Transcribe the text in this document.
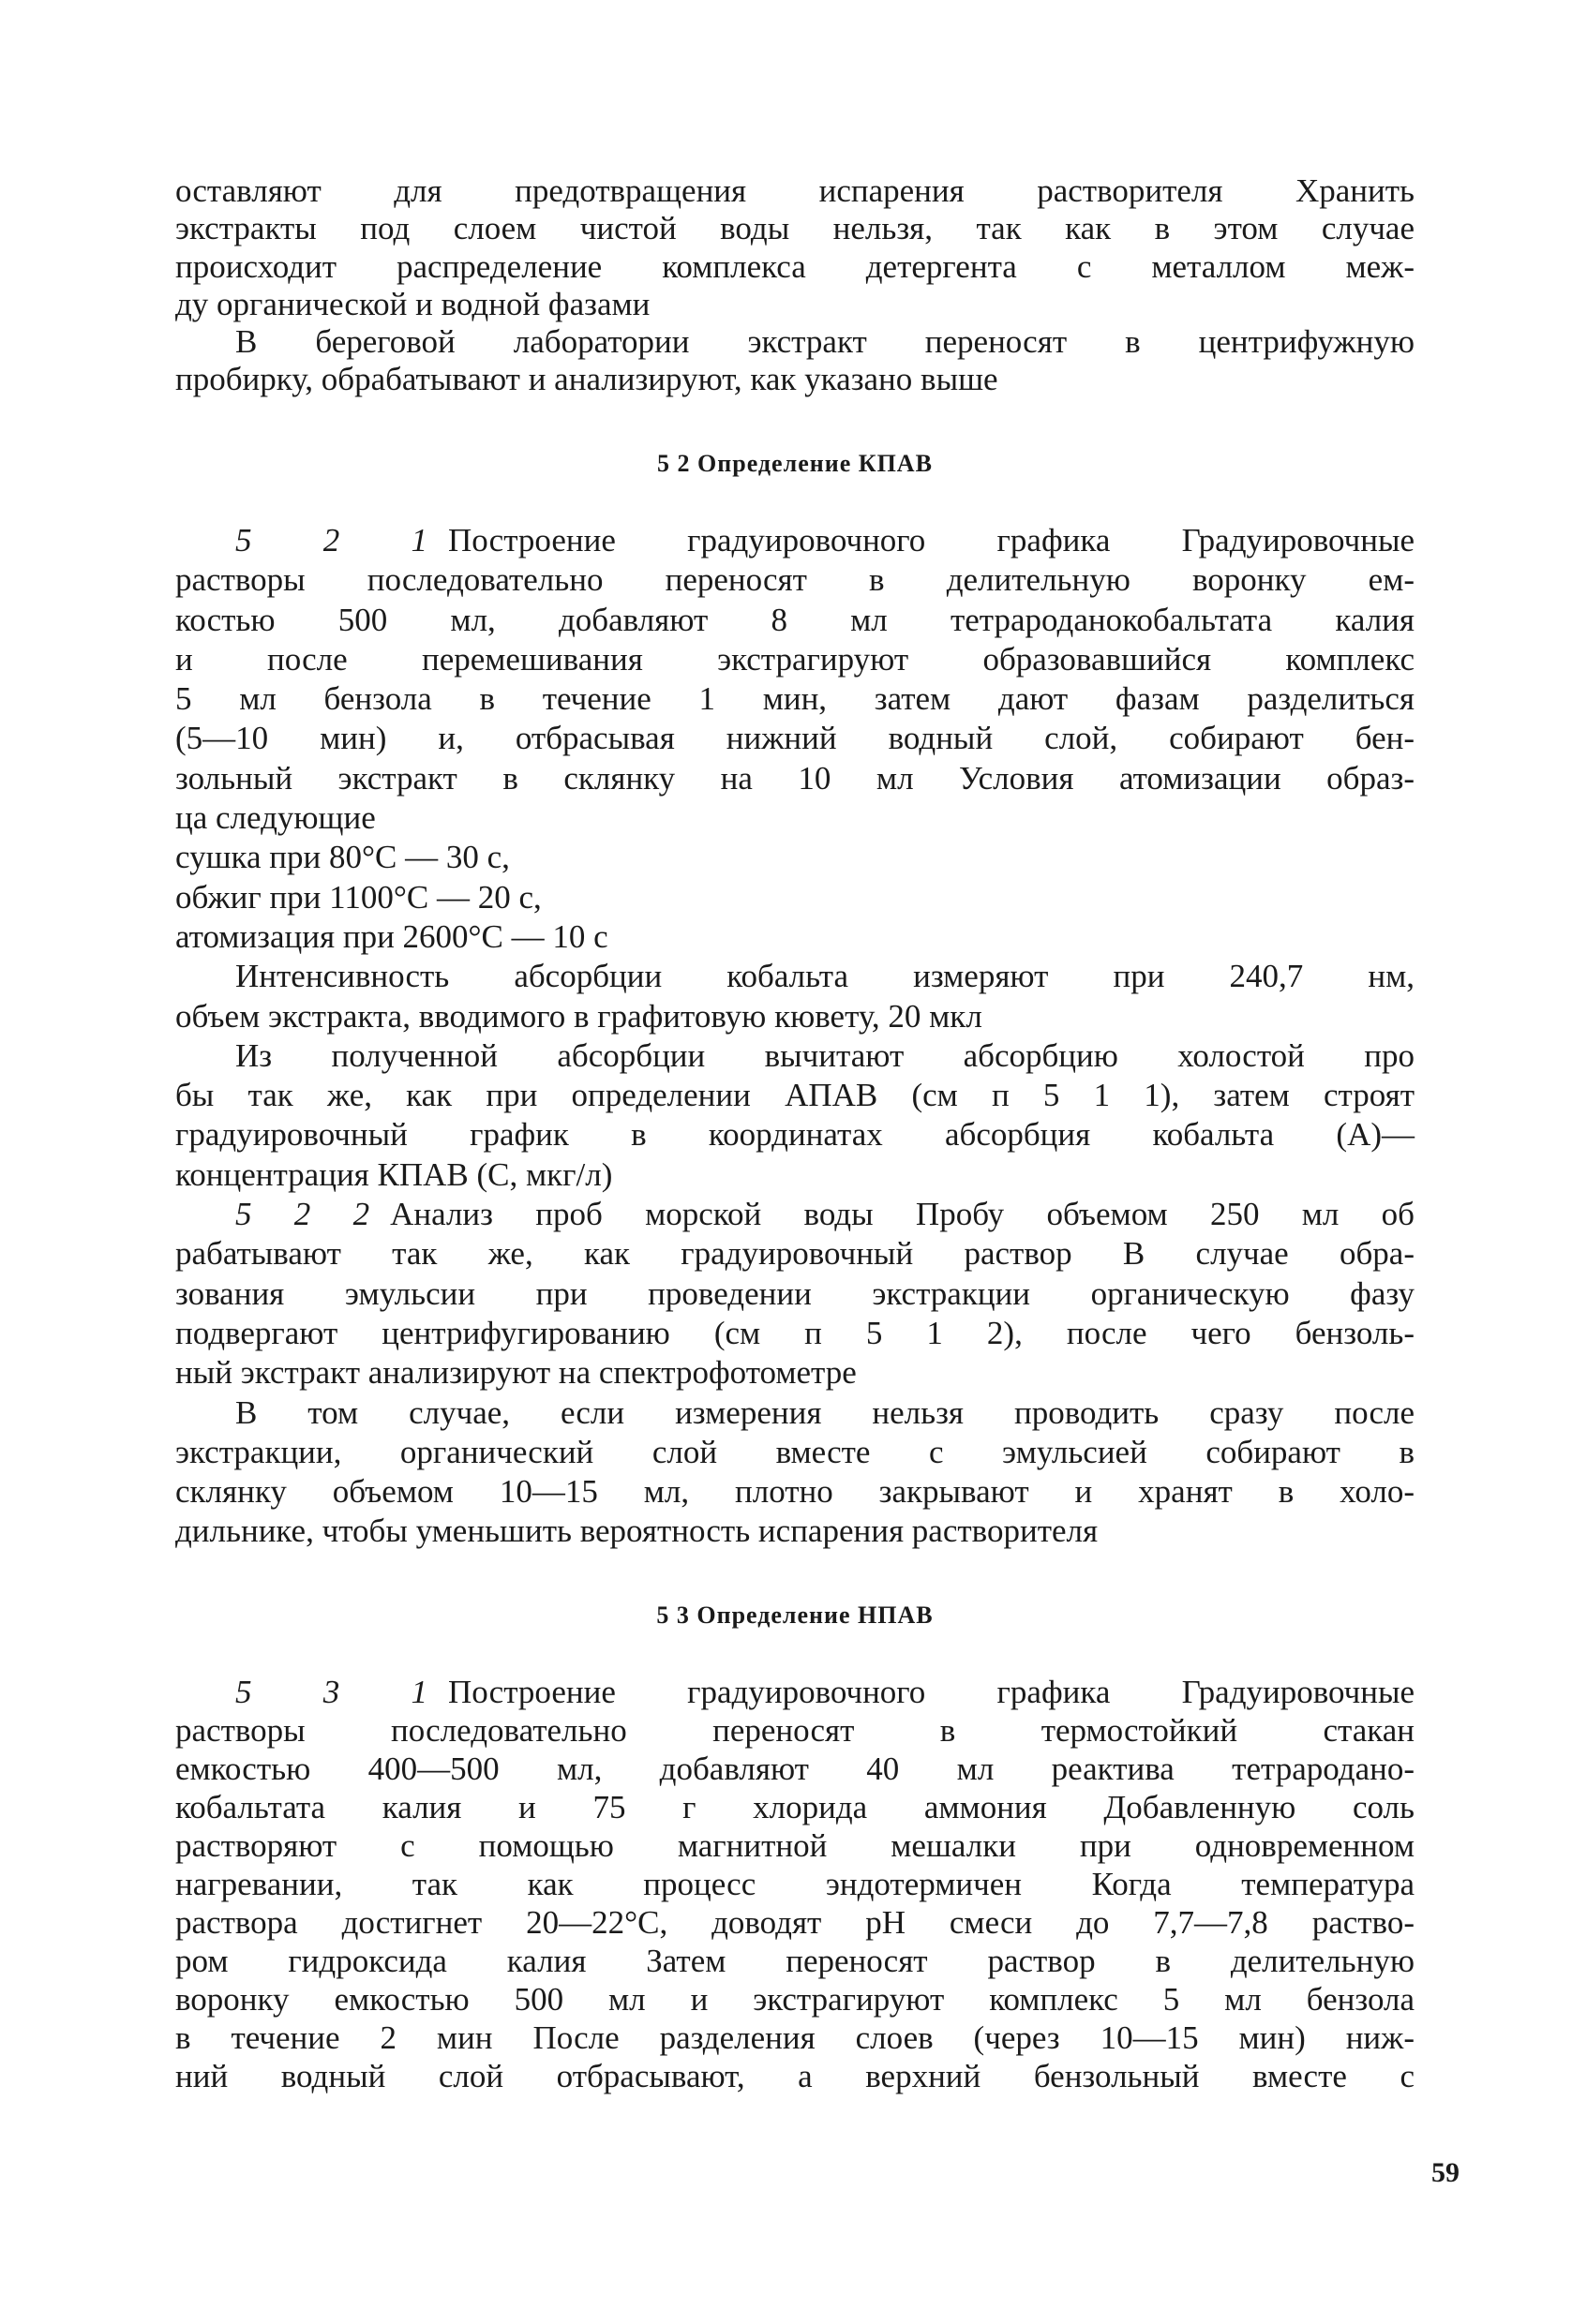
оставляют для предотвращения испарения растворителя Хранить
экстракты под слоем чистой воды нельзя, так как в этом случае
происходит распределение комплекса детергента с металлом меж-
ду органической и водной фазами
В береговой лаборатории экстракт переносят в центрифужную
пробирку, обрабатывают и анализируют, как указано выше
5 2 Определение КПАВ
5 2 1 Построение градуировочного графика Градуировочные
растворы последовательно переносят в делительную воронку ем-
костью 500 мл, добавляют 8 мл тетрароданокобальтата калия
и после перемешивания экстрагируют образовавшийся комплекс
5 мл бензола в течение 1 мин, затем дают фазам разделиться
(5—10 мин) и, отбрасывая нижний водный слой, собирают бен-
зольный экстракт в склянку на 10 мл Условия атомизации образ-
ца следующие
сушка при 80°С — 30 с,
обжиг при 1100°С — 20 с,
атомизация при 2600°С — 10 с
Интенсивность абсорбции кобальта измеряют при 240,7 нм,
объем экстракта, вводимого в графитовую кювету, 20 мкл
Из полученной абсорбции вычитают абсорбцию холостой про
бы так же, как при определении АПАВ (см п 5 1 1), затем строят
градуировочный график в координатах абсорбция кобальта (А)—
концентрация КПАВ (С, мкг/л)
5 2 2 Анализ проб морской воды Пробу объемом 250 мл об
рабатывают так же, как градуировочный раствор В случае обра-
зования эмульсии при проведении экстракции органическую фазу
подвергают центрифугированию (см п 5 1 2), после чего бензоль-
ный экстракт анализируют на спектрофотометре
В том случае, если измерения нельзя проводить сразу после
экстракции, органический слой вместе с эмульсией собирают в
склянку объемом 10—15 мл, плотно закрывают и хранят в холо-
дильнике, чтобы уменьшить вероятность испарения растворителя
5 3 Определение НПАВ
5 3 1 Построение градуировочного графика Градуировочные
растворы последовательно переносят в термостойкий стакан
емкостью 400—500 мл, добавляют 40 мл реактива тетрародано-
кобальтата калия и 75 г хлорида аммония Добавленную соль
растворяют с помощью магнитной мешалки при одновременном
нагревании, так как процесс эндотермичен Когда температура
раствора достигнет 20—22°С, доводят pH смеси до 7,7—7,8 раство-
ром гидроксида калия Затем переносят раствор в делительную
воронку емкостью 500 мл и экстрагируют комплекс 5 мл бензола
в течение 2 мин После разделения слоев (через 10—15 мин) ниж-
ний водный слой отбрасывают, а верхний бензольный вместе с
59
